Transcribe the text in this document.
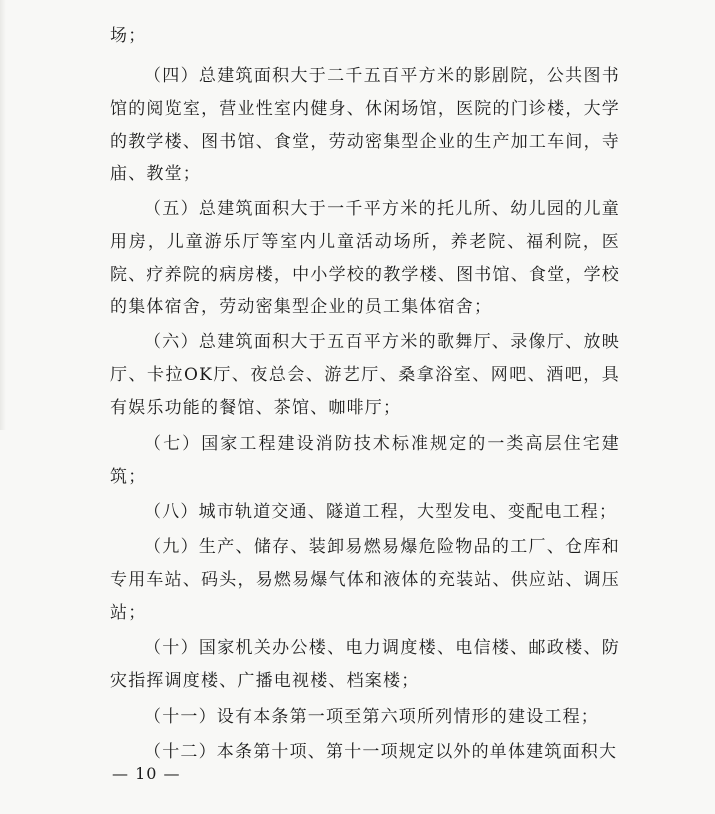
场；

（四）总建筑面积大于二千五百平方米的影剧院，公共图书馆的阅览室，营业性室内健身、休闲场馆，医院的门诊楼，大学的教学楼、图书馆、食堂，劳动密集型企业的生产加工车间，寺庙、教堂；

（五）总建筑面积大于一千平方米的托儿所、幼儿园的儿童用房，儿童游乐厅等室内儿童活动场所，养老院、福利院，医院、疗养院的病房楼，中小学校的教学楼、图书馆、食堂，学校的集体宿舍，劳动密集型企业的员工集体宿舍；

（六）总建筑面积大于五百平方米的歌舞厅、录像厅、放映厅、卡拉OK厅、夜总会、游艺厅、桑拿浴室、网吧、酒吧，具有娱乐功能的餐馆、茶馆、咖啡厅；

（七）国家工程建设消防技术标准规定的一类高层住宅建筑；

（八）城市轨道交通、隧道工程，大型发电、变配电工程；

（九）生产、储存、装卸易燃易爆危险物品的工厂、仓库和专用车站、码头，易燃易爆气体和液体的充装站、供应站、调压站；

（十）国家机关办公楼、电力调度楼、电信楼、邮政楼、防灾指挥调度楼、广播电视楼、档案楼；

（十一）设有本条第一项至第六项所列情形的建设工程；

（十二）本条第十项、第十一项规定以外的单体建筑面积大

— 10 —
